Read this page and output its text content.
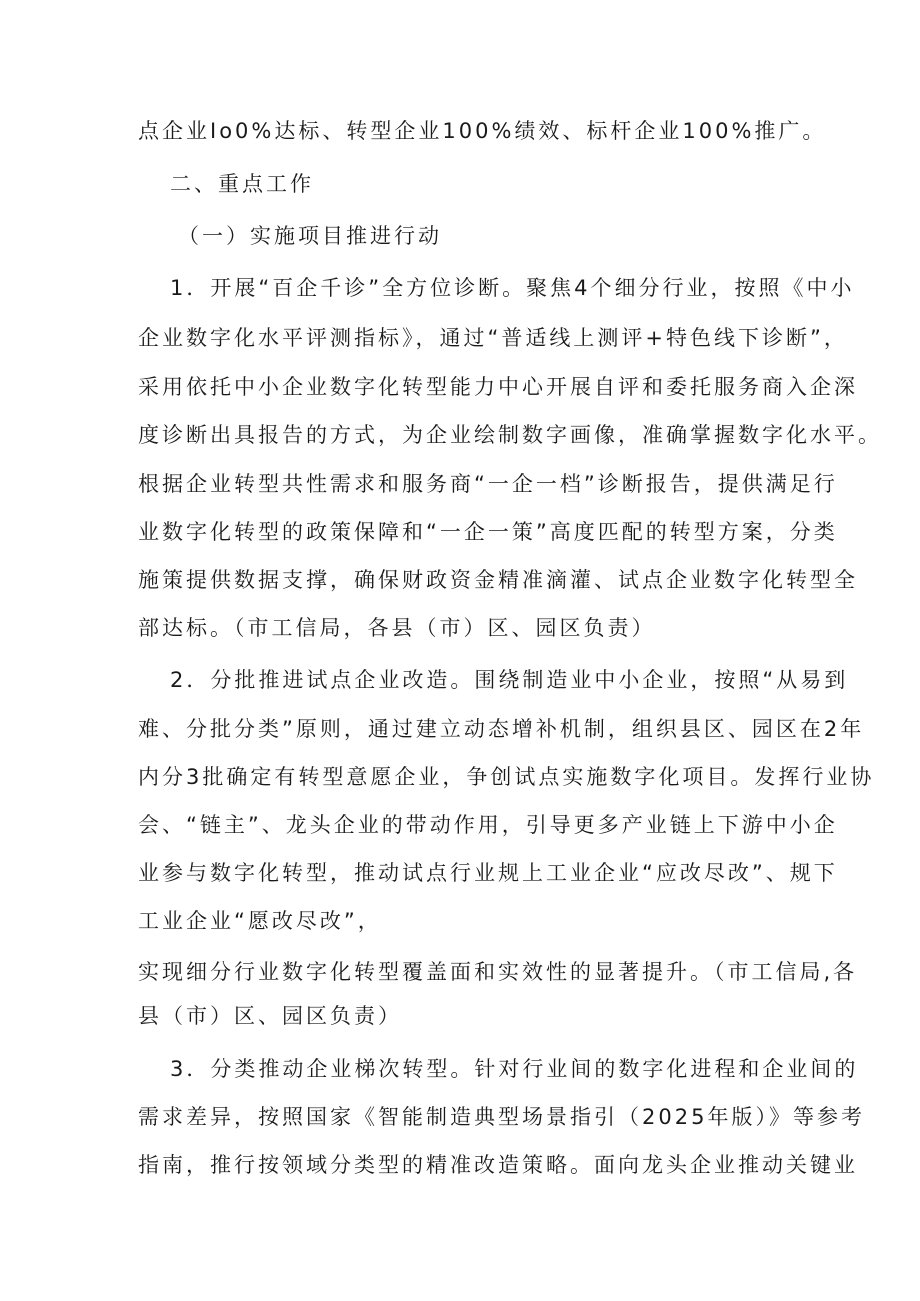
点企业Io0%达标、转型企业100%绩效、标杆企业100%推广。
二、重点工作
（一）实施项目推进行动
1．开展“百企千诊”全方位诊断。聚焦4个细分行业，按照《中小
企业数字化水平评测指标》，通过“普适线上测评+特色线下诊断”，
采用依托中小企业数字化转型能力中心开展自评和委托服务商入企深
度诊断出具报告的方式，为企业绘制数字画像，准确掌握数字化水平。
根据企业转型共性需求和服务商“一企一档”诊断报告，提供满足行
业数字化转型的政策保障和“一企一策”高度匹配的转型方案，分类
施策提供数据支撑，确保财政资金精准滴灌、试点企业数字化转型全
部达标。（市工信局，各县（市）区、园区负责）
2．分批推进试点企业改造。围绕制造业中小企业，按照“从易到
难、分批分类”原则，通过建立动态增补机制，组织县区、园区在2年
内分3批确定有转型意愿企业，争创试点实施数字化项目。发挥行业协
会、“链主”、龙头企业的带动作用，引导更多产业链上下游中小企
业参与数字化转型，推动试点行业规上工业企业“应改尽改”、规下
工业企业“愿改尽改”，
实现细分行业数字化转型覆盖面和实效性的显著提升。（市工信局,各
县（市）区、园区负责）
3．分类推动企业梯次转型。针对行业间的数字化进程和企业间的
需求差异，按照国家《智能制造典型场景指引（2025年版）》等参考
指南，推行按领域分类型的精准改造策略。面向龙头企业推动关键业
